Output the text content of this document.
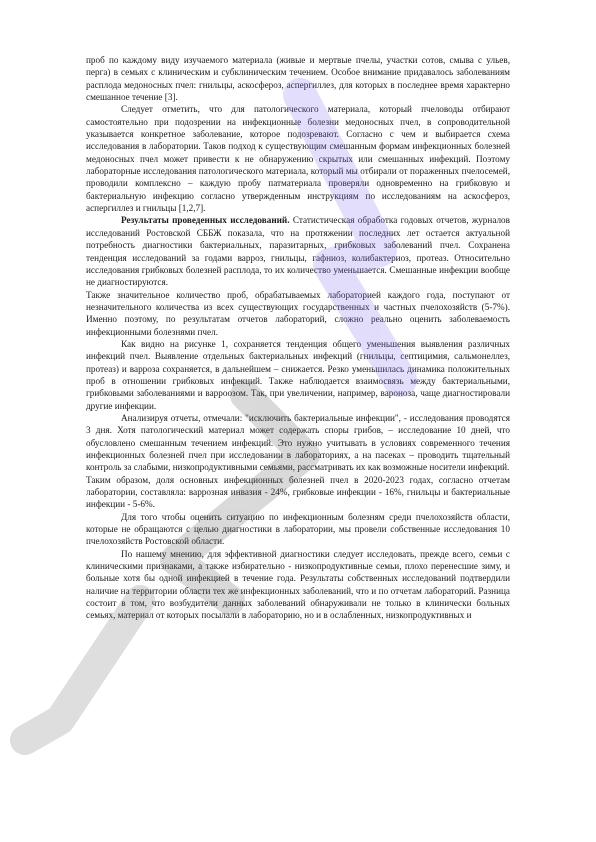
проб по каждому виду изучаемого материала (живые и мертвые пчелы, участки сотов, смыва с ульев, перга) в семьях с клиническим и субклиническим течением. Особое внимание придавалось заболеваниям расплода медоносных пчел: гнильцы, аскосфероз, аспергиллез, для которых в последнее время характерно смешанное течение [3].

Следует отметить, что для патологического материала, который пчеловоды отбирают самостоятельно при подозрении на инфекционные болезни медоносных пчел, в сопроводительной указывается конкретное заболевание, которое подозревают. Согласно с чем и выбирается схема исследования в лаборатории. Таков подход к существующим смешанным формам инфекционных болезней медоносных пчел может привести к не обнаружению скрытых или смешанных инфекций. Поэтому лабораторные исследования патологического материала, который мы отбирали от пораженных пчелосемей, проводили комплексно – каждую пробу патматериала проверяли одновременно на грибковую и бактериальную инфекцию согласно утвержденным инструкциям по исследованиям на аскосфероз, аспергиллез и гнильцы [1,2,7].

Результаты проведенных исследований. Статистическая обработка годовых отчетов, журналов исследований Ростовской СББЖ показала, что на протяжении последних лет остается актуальной потребность диагностики бактериальных, паразитарных, грибковых заболеваний пчел. Сохранена тенденция исследований за годами варроз, гнильцы, гафниоз, колибактериоз, протеаз. Относительно исследования грибковых болезней расплода, то их количество уменьшается. Смешанные инфекции вообще не диагностируются.

Также значительное количество проб, обрабатываемых лабораторией каждого года, поступают от незначительного количества из всех существующих государственных и частных пчелохозяйств (5-7%). Именно поэтому, по результатам отчетов лабораторий, сложно реально оценить заболеваемость инфекционными болезнями пчел.

Как видно на рисунке 1, сохраняется тенденция общего уменьшения выявления различных инфекций пчел. Выявление отдельных бактериальных инфекций (гнильцы, септицимия, сальмонеллез, протеаз) и варроза сохраняется, в дальнейшем – снижается. Резко уменьшилась динамика положительных проб в отношении грибковых инфекций. Также наблюдается взаимосвязь между бактериальными, грибковыми заболеваниями и варроозом. Так, при увеличении, например, вароноза, чаще диагностировали другие инфекции.

Анализируя отчеты, отмечали: "исключить бактериальные инфекции", - исследования проводятся 3 дня. Хотя патологический материал может содержать споры грибов, – исследование 10 дней, что обусловлено смешанным течением инфекций. Это нужно учитывать в условиях современного течения инфекционных болезней пчел при исследовании в лабораториях, а на пасеках – проводить тщательный контроль за слабыми, низкопродуктивными семьями, рассматривать их как возможные носители инфекций.

Таким образом, доля основных инфекционных болезней пчел в 2020-2023 годах, согласно отчетам лаборатории, составляла: варрозная инвазия - 24%, грибковые инфекции - 16%, гнильцы и бактериальные инфекции - 5-6%.

Для того чтобы оценить ситуацию по инфекционным болезням среди пчелохозяйств области, которые не обращаются с целью диагностики в лаборатории, мы провели собственные исследования 10 пчелохозяйств Ростовской области.

По нашему мнению, для эффективной диагностики следует исследовать, прежде всего, семьи с клиническими признаками, а также избирательно - низкопродуктивные семьи, плохо перенесшие зиму, и больные хотя бы одной инфекцией в течение года. Результаты собственных исследований подтвердили наличие на территории области тех же инфекционных заболеваний, что и по отчетам лабораторий. Разница состоит в том, что возбудители данных заболеваний обнаруживали не только в клинически больных семьях, материал от которых посылали в лабораторию, но и в ослабленных, низкопродуктивных и
